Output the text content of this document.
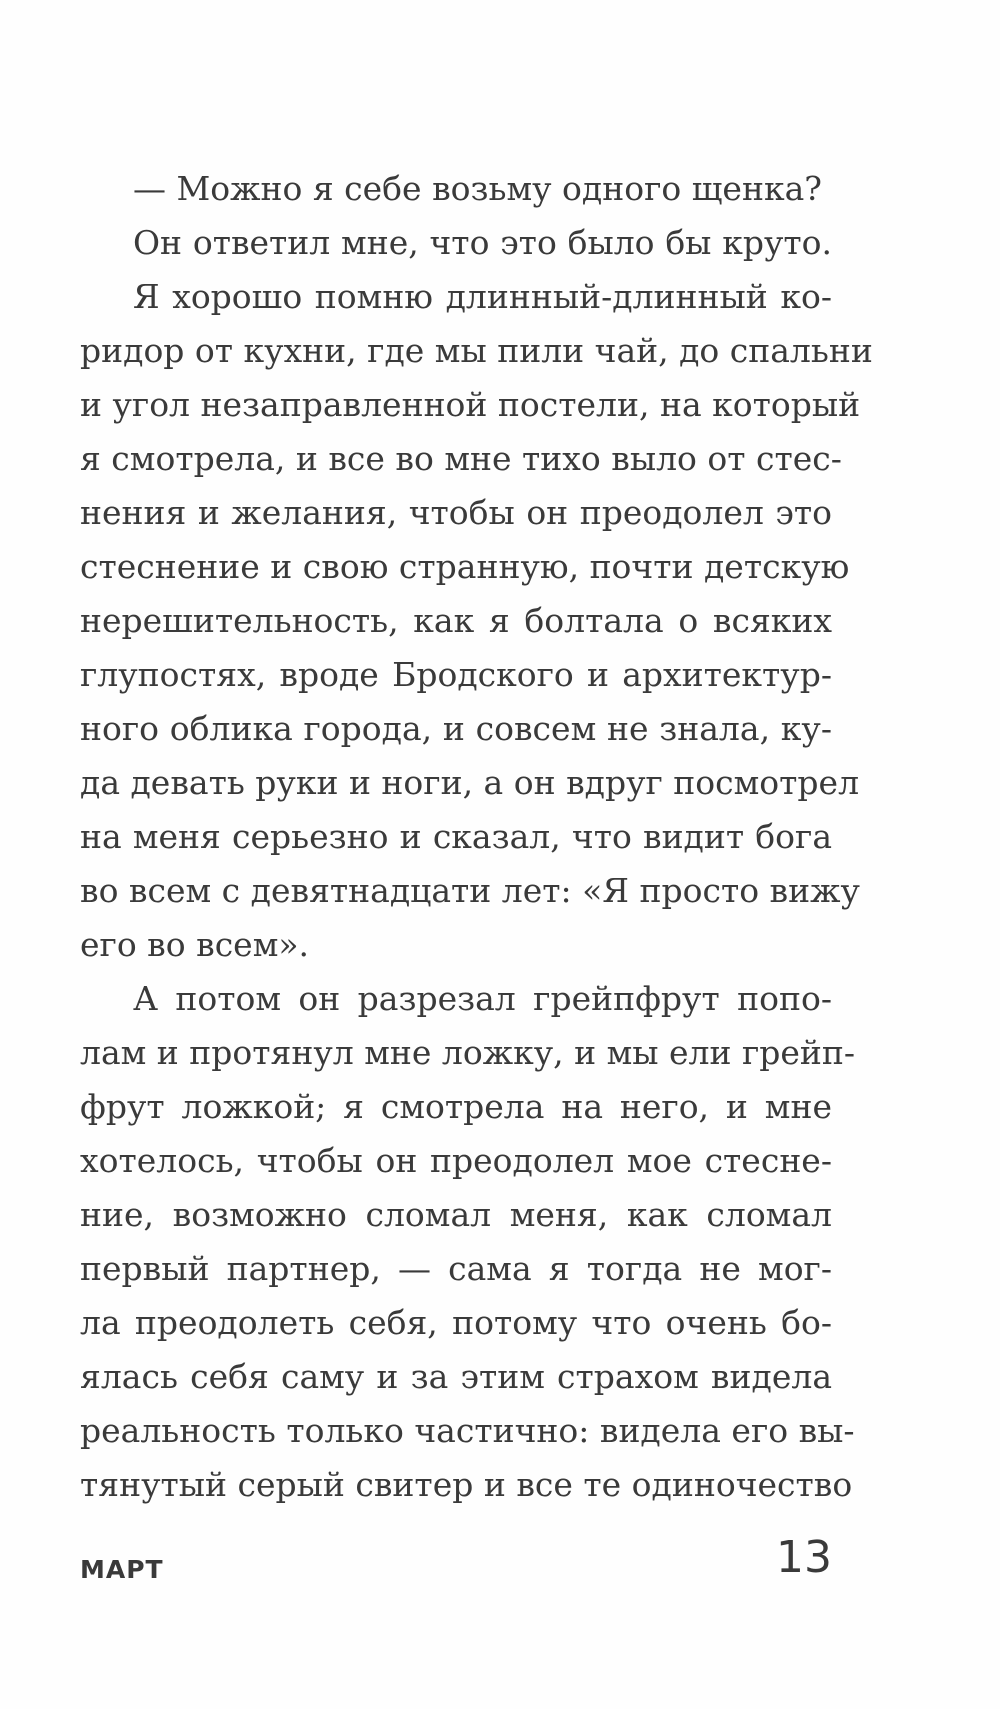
— Можно я себе возьму одного щенка?
Он ответил мне, что это было бы круто.
Я хорошо помню длинный-длинный ко-
ридор от кухни, где мы пили чай, до спальни
и угол незаправленной постели, на который
я смотрела, и все во мне тихо выло от стес-
нения и желания, чтобы он преодолел это
стеснение и свою странную, почти детскую
нерешительность, как я болтала о всяких
глупостях, вроде Бродского и архитектур-
ного облика города, и совсем не знала, ку-
да девать руки и ноги, а он вдруг посмотрел
на меня серьезно и сказал, что видит бога
во всем с девятнадцати лет: «Я просто вижу
его во всем».
А потом он разрезал грейпфрут попо-
лам и протянул мне ложку, и мы ели грейп-
фрут ложкой; я смотрела на него, и мне
хотелось, чтобы он преодолел мое стесне-
ние, возможно сломал меня, как сломал
первый партнер, — сама я тогда не мог-
ла преодолеть себя, потому что очень бо-
ялась себя саму и за этим страхом видела
реальность только частично: видела его вы-
тянутый серый свитер и все те одиночество
МАРТ	13
